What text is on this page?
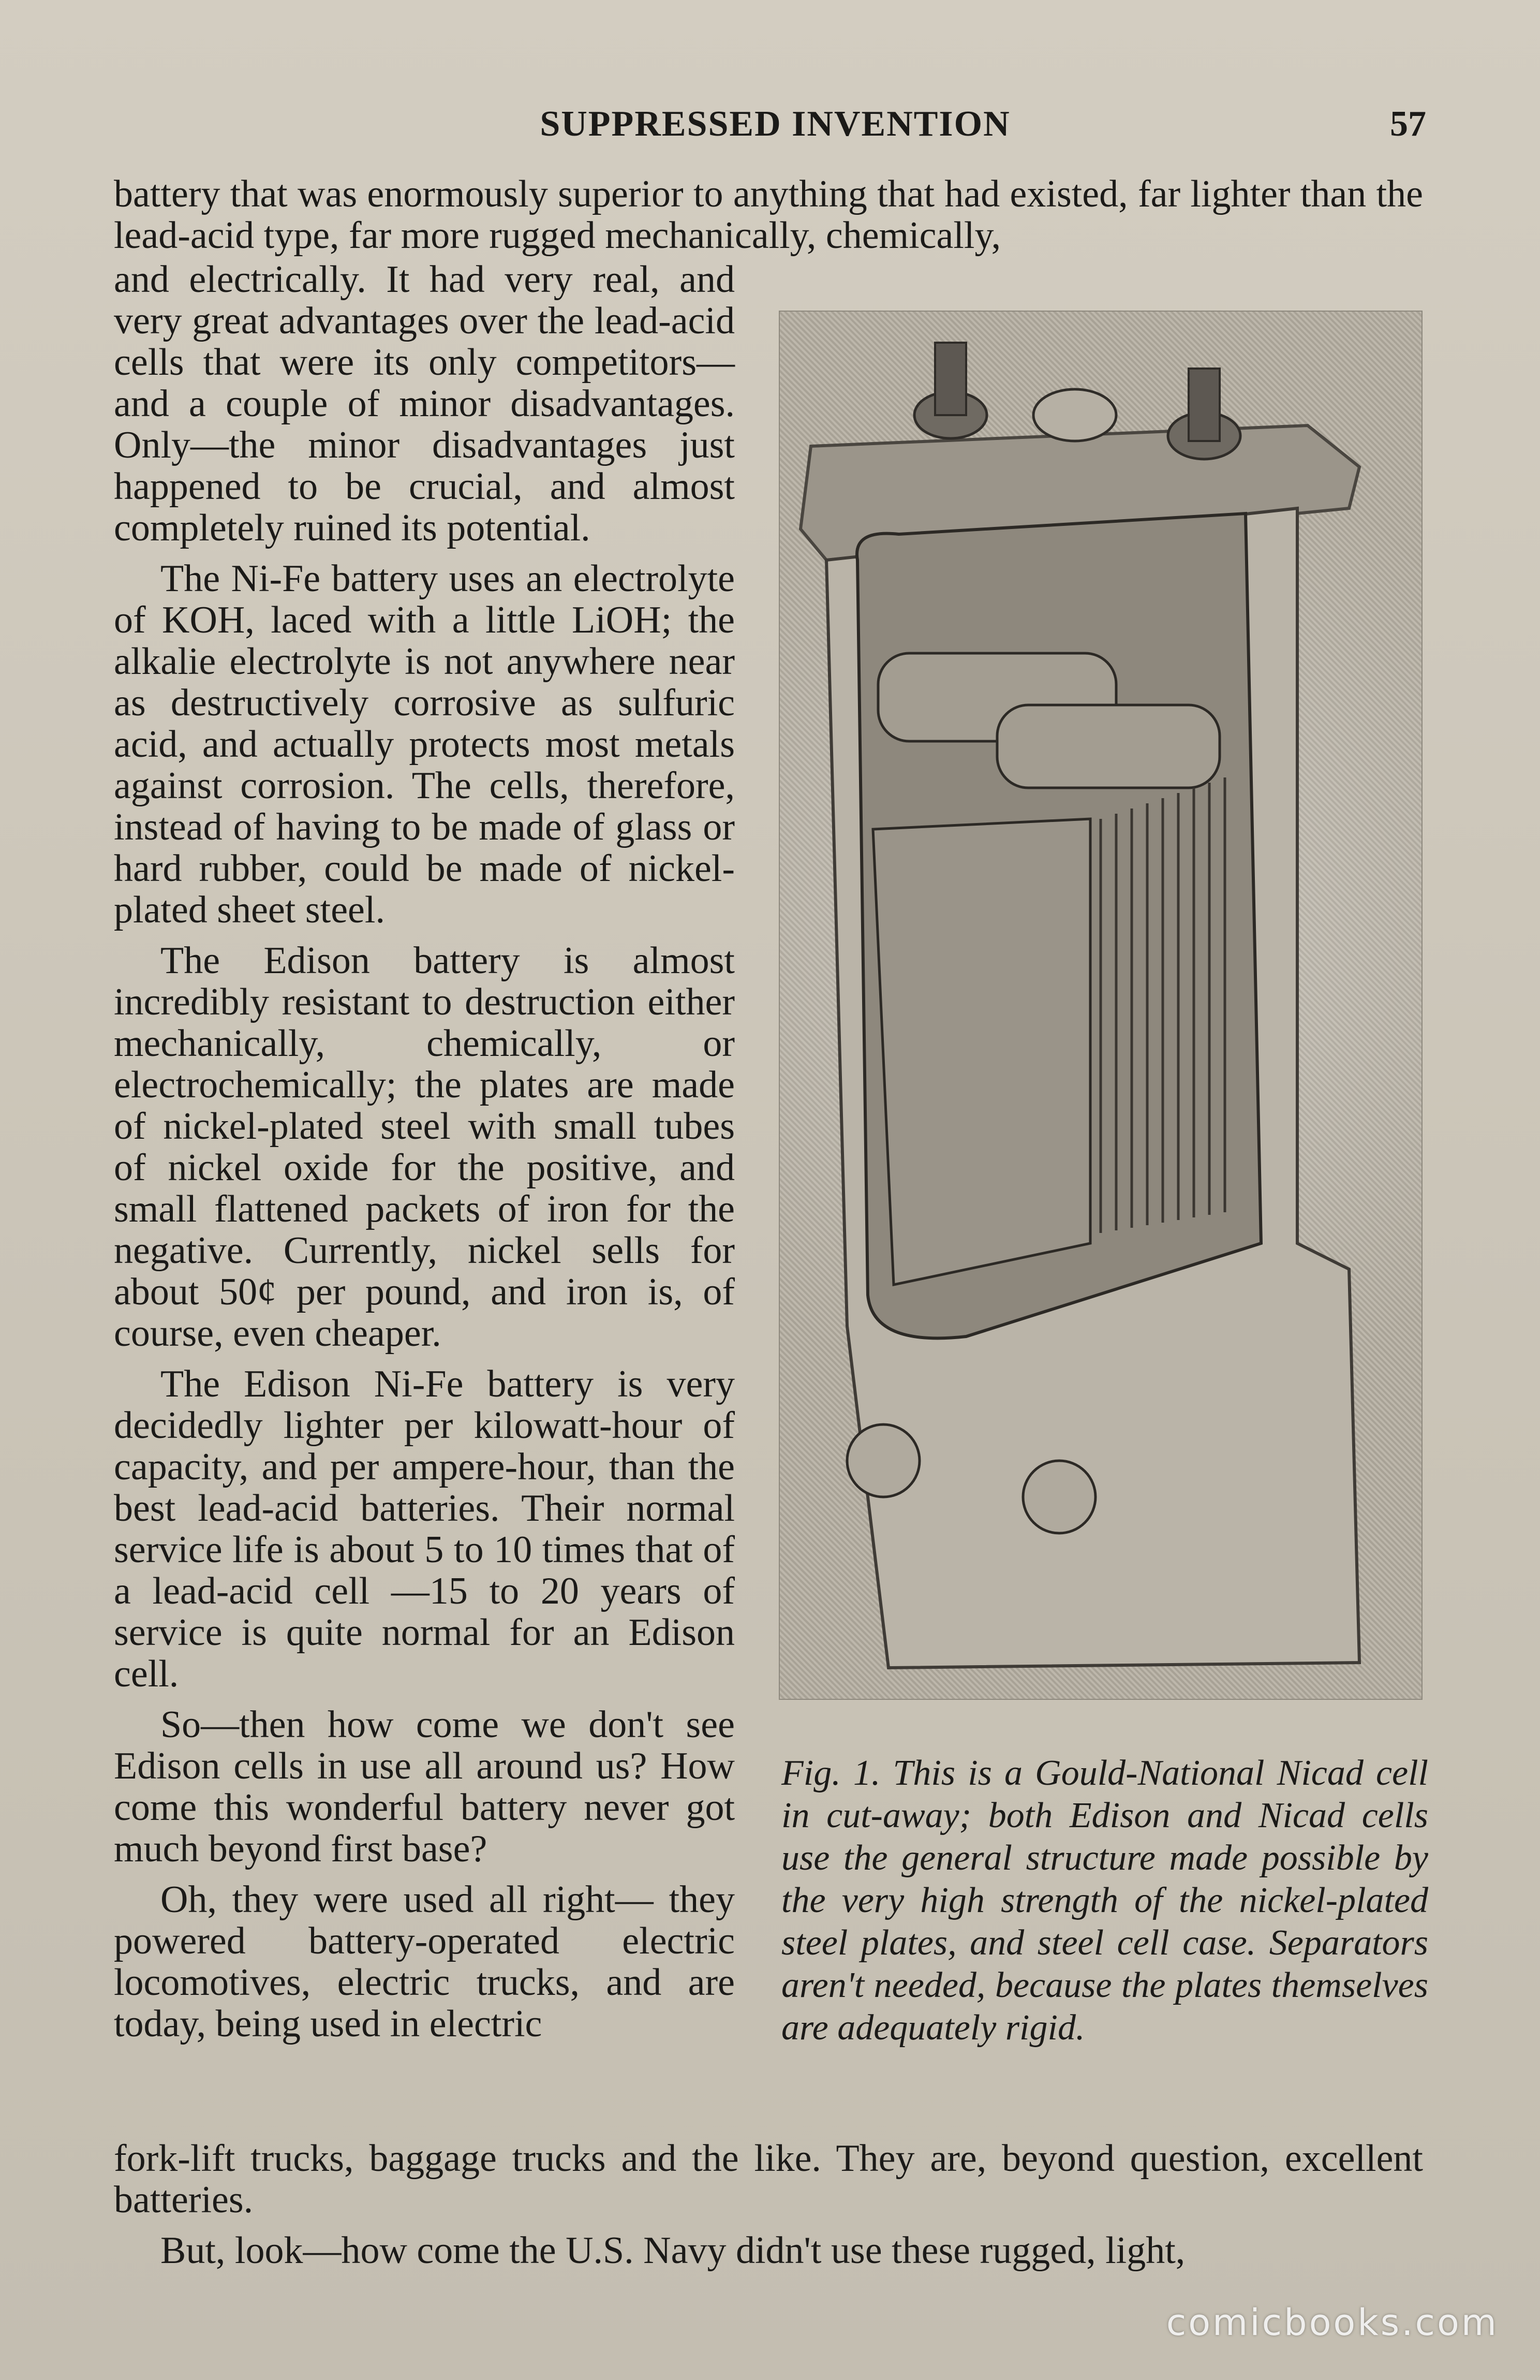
SUPPRESSED INVENTION	57

battery that was enormously superior to anything that had existed, far lighter than the lead-acid type, far more rugged mechanically, chemically,

and electrically. It had very real, and very great advantages over the lead-acid cells that were its only competitors—and a couple of minor disadvantages. Only—the minor disadvantages just happened to be crucial, and almost completely ruined its potential.

The Ni-Fe battery uses an electrolyte of KOH, laced with a little LiOH; the alkalie electrolyte is not anywhere near as destructively corrosive as sulfuric acid, and actually protects most metals against corrosion. The cells, therefore, instead of having to be made of glass or hard rubber, could be made of nickel-plated sheet steel.

The Edison battery is almost incredibly resistant to destruction either mechanically, chemically, or electrochemically; the plates are made of nickel-plated steel with small tubes of nickel oxide for the positive, and small flattened packets of iron for the negative. Currently, nickel sells for about 50¢ per pound, and iron is, of course, even cheaper.

The Edison Ni-Fe battery is very decidedly lighter per kilowatt-hour of capacity, and per ampere-hour, than the best lead-acid batteries. Their normal service life is about 5 to 10 times that of a lead-acid cell —15 to 20 years of service is quite normal for an Edison cell.

So—then how come we don't see Edison cells in use all around us? How come this wonderful battery never got much beyond first base?

Oh, they were used all right— they powered battery-operated electric locomotives, electric trucks, and are today, being used in electric

fork-lift trucks, baggage trucks and the like. They are, beyond question, excellent batteries.

But, look—how come the U.S. Navy didn't use these rugged, light,

Fig. 1. This is a Gould-National Nicad cell in cut-away; both Edison and Nicad cells use the general structure made possible by the very high strength of the nickel-plated steel plates, and steel cell case. Separators aren't needed, because the plates themselves are adequately rigid.
comicbooks.com
